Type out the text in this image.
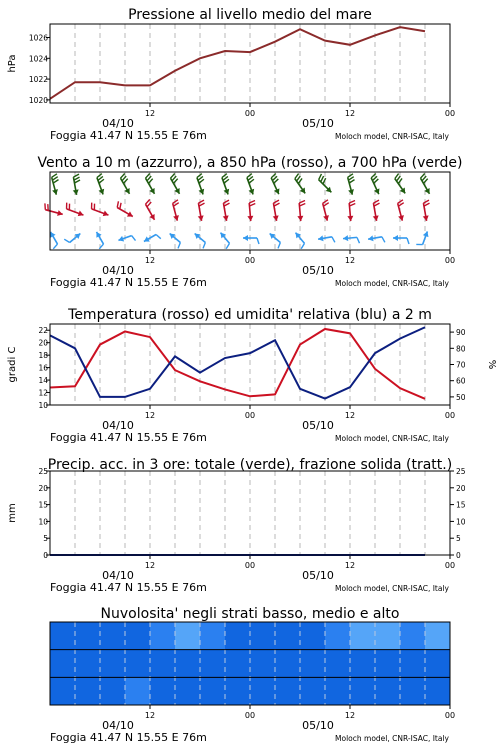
Pressione al livello medio del mare
12	00	12	00
04/10	05/10
Foggia 41.47 N 15.55 E 76m	Moloch model, CNR-ISAC, Italy
1020
1022
1024
1026
hPa
Vento a 10 m (azzurro), a 850 hPa (rosso), a 700 hPa (verde)
12	00	12	00
04/10	05/10
Foggia 41.47 N 15.55 E 76m	Moloch model, CNR-ISAC, Italy
Temperatura (rosso) ed umidita' relativa (blu) a 2 m
12	00	12	00
04/10	05/10
Foggia 41.47 N 15.55 E 76m	Moloch model, CNR-ISAC, Italy
10
12
14
16
18
20
22
50
60
70
80
90
gradi C	%
Precip. acc. in 3 ore: totale (verde), frazione solida (tratt.)
12	00	12	00
04/10	05/10
Foggia 41.47 N 15.55 E 76m	Moloch model, CNR-ISAC, Italy
0	0
5	5
10	10
15	15
20	20
25	25
mm
Nuvolosita' negli strati basso, medio e alto
12	00	12	00
04/10	05/10
Foggia 41.47 N 15.55 E 76m	Moloch model, CNR-ISAC, Italy
